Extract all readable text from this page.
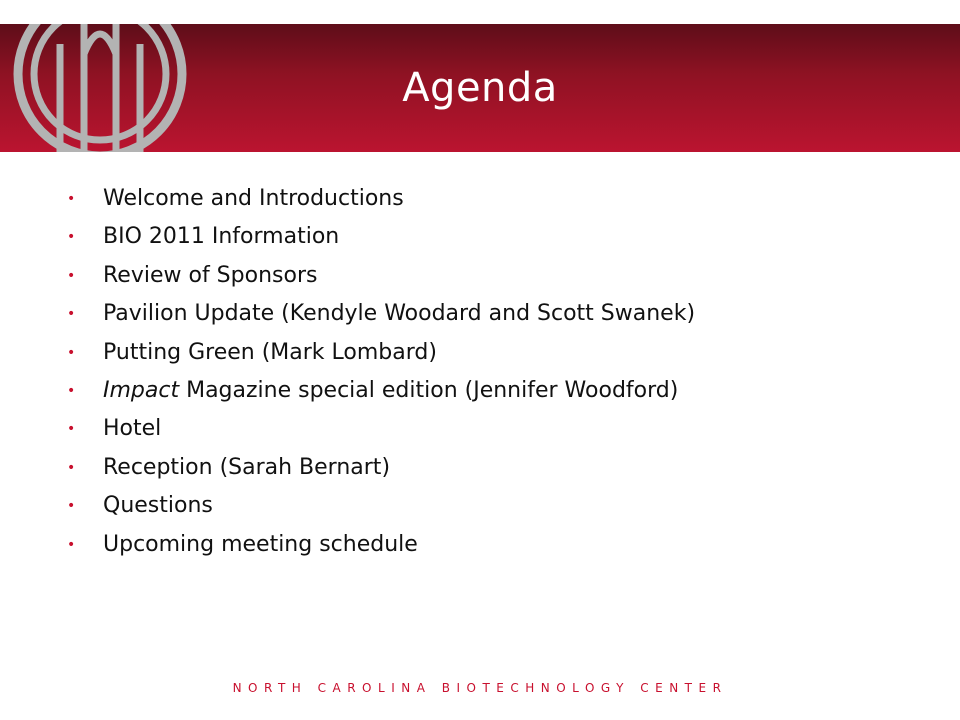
Agenda
• Welcome and Introductions
• BIO 2011 Information
• Review of Sponsors
• Pavilion Update (Kendyle Woodard and Scott Swanek)
• Putting Green (Mark Lombard)
• Impact Magazine special edition (Jennifer Woodford)
• Hotel
• Reception (Sarah Bernart)
• Questions
• Upcoming meeting schedule
NORTH CAROLINA BIOTECHNOLOGY CENTER
